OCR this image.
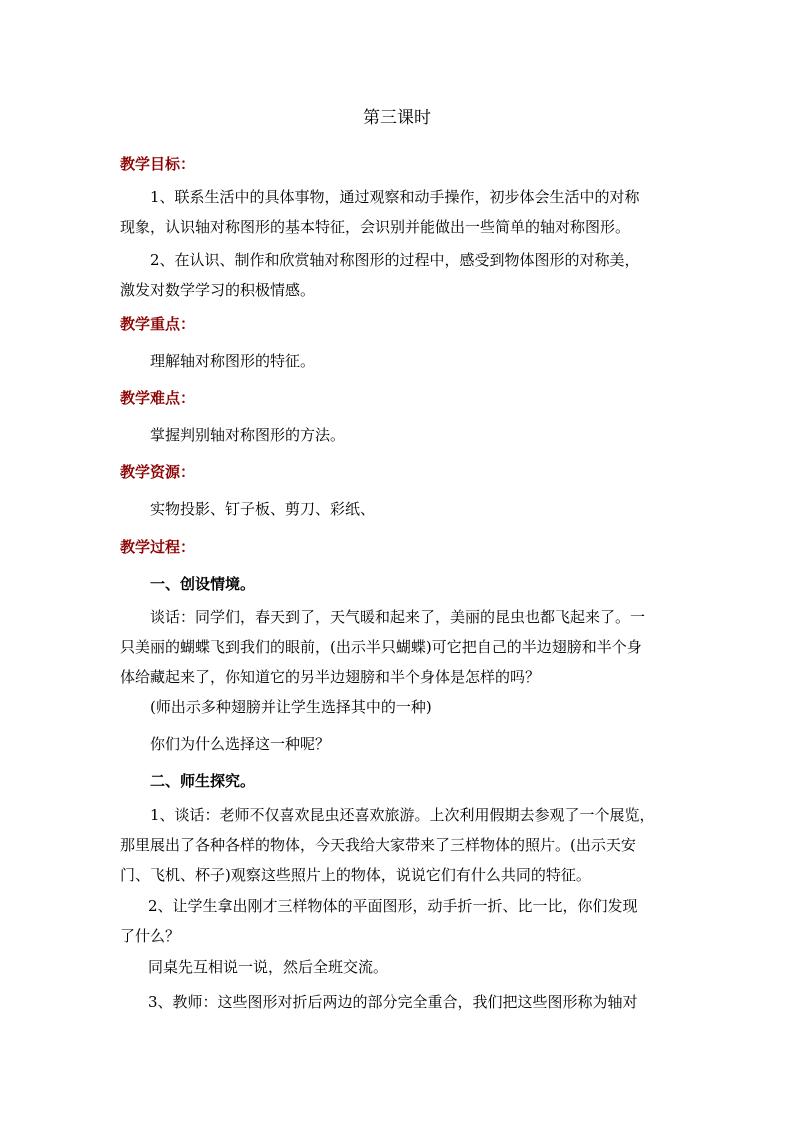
第三课时
教学目标：
1、联系生活中的具体事物，通过观察和动手操作，初步体会生活中的对称
现象，认识轴对称图形的基本特征，会识别并能做出一些简单的轴对称图形。
2、在认识、制作和欣赏轴对称图形的过程中，感受到物体图形的对称美，
激发对数学学习的积极情感。
教学重点：
理解轴对称图形的特征。
教学难点：
掌握判别轴对称图形的方法。
教学资源：
实物投影、钉子板、剪刀、彩纸、
教学过程：
一、创设情境。
谈话：同学们，春天到了，天气暖和起来了，美丽的昆虫也都飞起来了。一
只美丽的蝴蝶飞到我们的眼前，(出示半只蝴蝶)可它把自己的半边翅膀和半个身
体给藏起来了，你知道它的另半边翅膀和半个身体是怎样的吗？
(师出示多种翅膀并让学生选择其中的一种)
你们为什么选择这一种呢？
二、师生探究。
1、谈话：老师不仅喜欢昆虫还喜欢旅游。上次利用假期去参观了一个展览，
那里展出了各种各样的物体，今天我给大家带来了三样物体的照片。(出示天安
门、飞机、杯子)观察这些照片上的物体，说说它们有什么共同的特征。
2、让学生拿出刚才三样物体的平面图形，动手折一折、比一比，你们发现
了什么？
同桌先互相说一说，然后全班交流。
3、教师：这些图形对折后两边的部分完全重合，我们把这些图形称为轴对
